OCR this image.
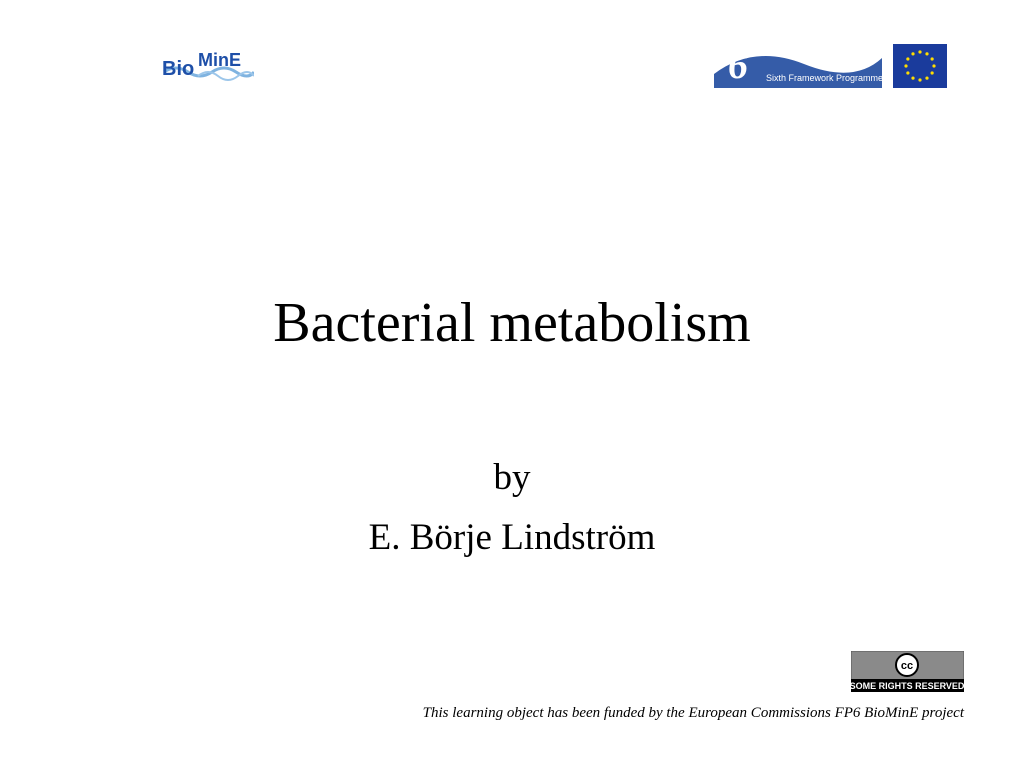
Bio MinE	6 Sixth Framework Programme
Bacterial metabolism
by
E. Börje Lindström
cc
SOME RIGHTS RESERVED
This learning object has been funded by the European Commissions FP6 BioMinE project
